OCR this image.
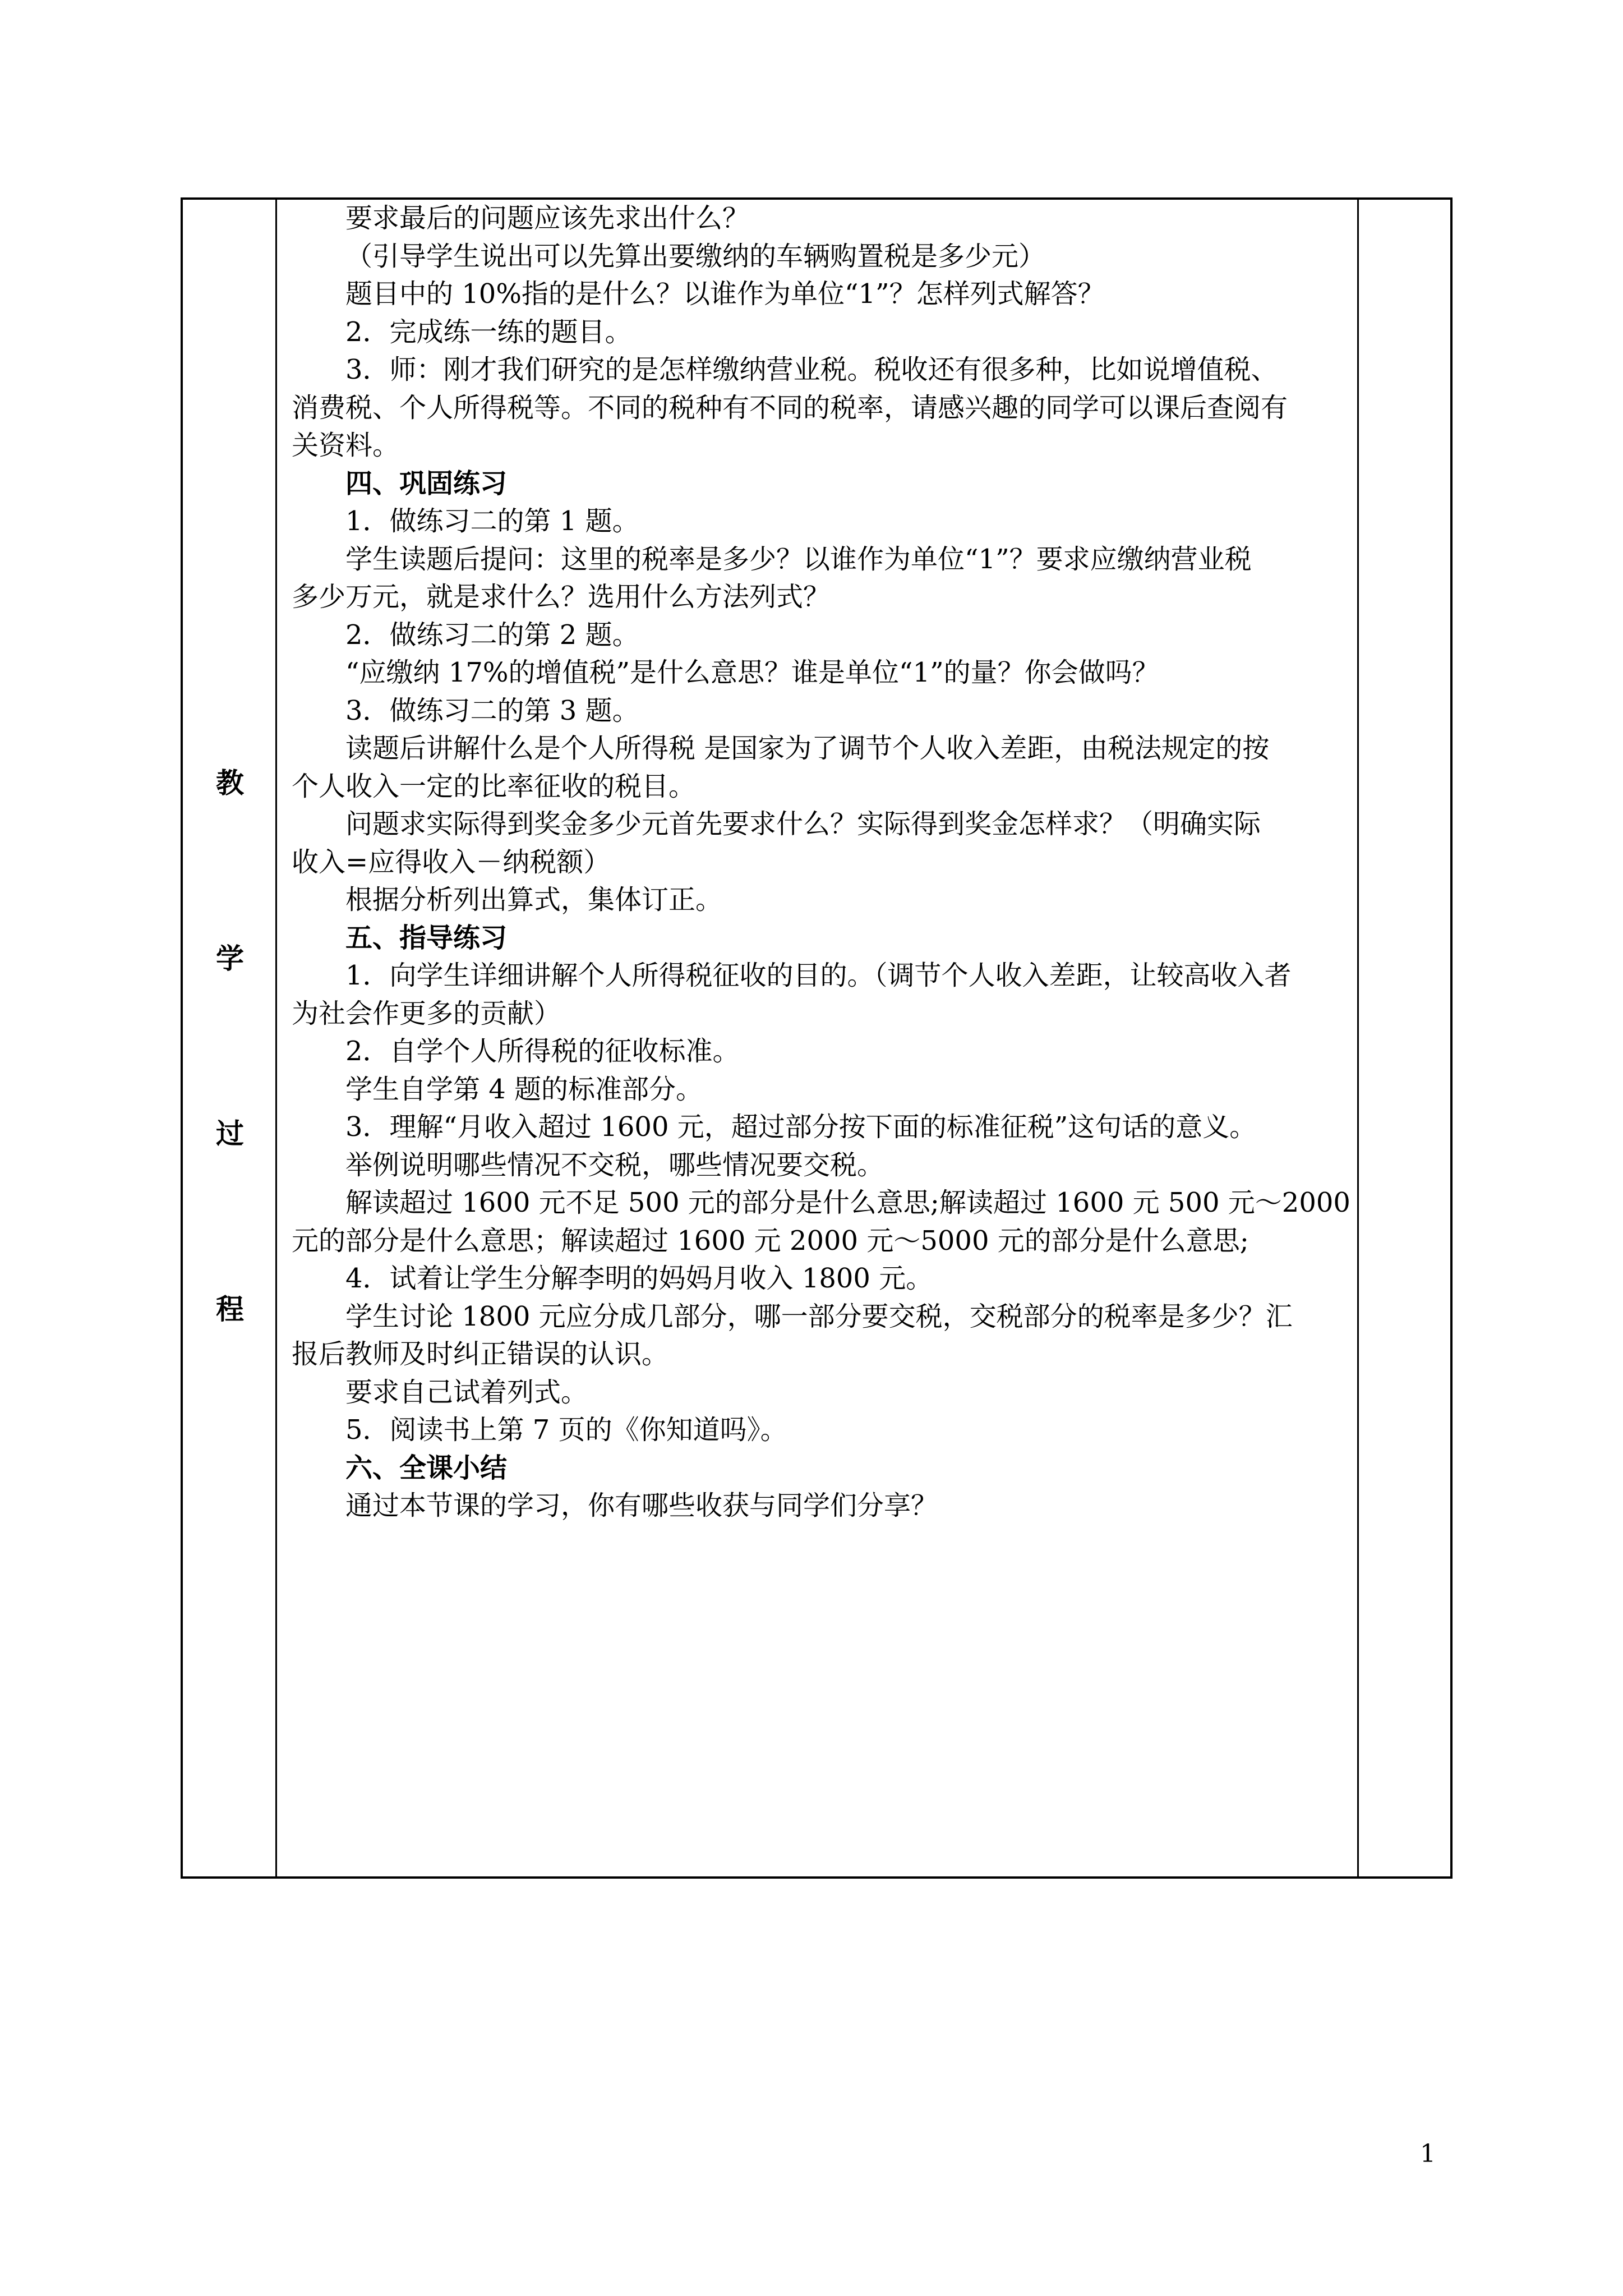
教
学
过
程
要求最后的问题应该先求出什么？
（引导学生说出可以先算出要缴纳的车辆购置税是多少元）
题目中的 10%指的是什么？以谁作为单位“1”？怎样列式解答？
2．完成练一练的题目。
3．师：刚才我们研究的是怎样缴纳营业税。税收还有很多种，比如说增值税、
消费税、个人所得税等。不同的税种有不同的税率，请感兴趣的同学可以课后查阅有
关资料。
四、巩固练习
1．做练习二的第 1 题。
学生读题后提问：这里的税率是多少？以谁作为单位“1”？要求应缴纳营业税
多少万元，就是求什么？选用什么方法列式？
2．做练习二的第 2 题。
“应缴纳 17%的增值税”是什么意思？谁是单位“1”的量？你会做吗？
3．做练习二的第 3 题。
读题后讲解什么是个人所得税 是国家为了调节个人收入差距，由税法规定的按
个人收入一定的比率征收的税目。
问题求实际得到奖金多少元首先要求什么？实际得到奖金怎样求？（明确实际
收入=应得收入－纳税额）
根据分析列出算式，集体订正。
五、指导练习
1．向学生详细讲解个人所得税征收的目的。（调节个人收入差距，让较高收入者
为社会作更多的贡献）
2．自学个人所得税的征收标准。
学生自学第 4 题的标准部分。
3．理解“月收入超过 1600 元，超过部分按下面的标准征税”这句话的意义。
举例说明哪些情况不交税，哪些情况要交税。
解读超过 1600 元不足 500 元的部分是什么意思;解读超过 1600 元 500 元～2000
元的部分是什么意思；解读超过 1600 元 2000 元～5000 元的部分是什么意思;
4．试着让学生分解李明的妈妈月收入 1800 元。
学生讨论 1800 元应分成几部分，哪一部分要交税，交税部分的税率是多少？汇
报后教师及时纠正错误的认识。
要求自己试着列式。
5．阅读书上第 7 页的《你知道吗》。
六、全课小结
通过本节课的学习，你有哪些收获与同学们分享？
1
